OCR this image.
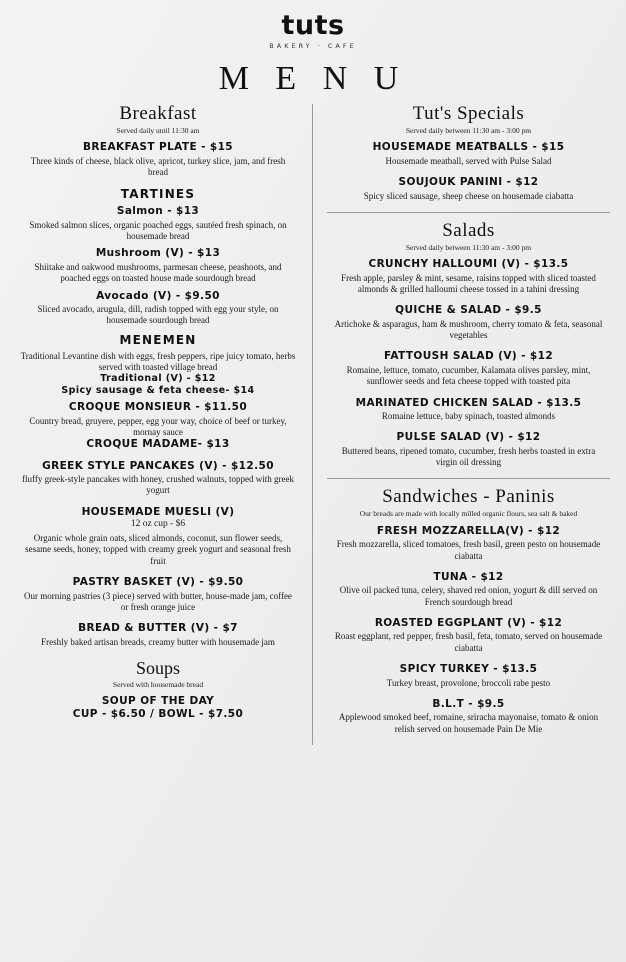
tuts
BAKERY · CAFE
M E N U
Breakfast
Served daily until 11:30 am
BREAKFAST PLATE - $15
Three kinds of cheese, black olive, apricot, turkey slice, jam, and fresh bread
TARTINES
Salmon - $13
Smoked salmon slices, organic poached eggs, sautéed fresh spinach, on housemade bread
Mushroom (V) - $13
Shiitake and oakwood mushrooms, parmesan cheese, peashoots, and poached eggs on toasted house made sourdough bread
Avocado (V) - $9.50
Sliced avocado, arugula, dill, radish topped with egg your style, on housemade sourdough bread
MENEMEN
Traditional Levantine dish with eggs, fresh peppers, ripe juicy tomato, herbs served with toasted village bread
Traditional (V) - $12
Spicy sausage & feta cheese- $14
CROQUE MONSIEUR - $11.50
Country bread, gruyere, pepper, egg your way, choice of beef or turkey, mornay sauce
CROQUE MADAME- $13
GREEK STYLE PANCAKES (V) - $12.50
fluffy greek-style pancakes with honey, crushed walnuts, topped with greek yogurt
HOUSEMADE MUESLI (V)
12 oz cup - $6
Organic whole grain oats, sliced almonds, coconut, sun flower seeds, sesame seeds, honey, topped with creamy greek yogurt and seasonal fresh fruit
PASTRY BASKET (V) - $9.50
Our morning pastries (3 piece) served with butter, house-made jam, coffee or fresh orange juice
BREAD & BUTTER (V) - $7
Freshly baked artisan breads, creamy butter with housemade jam
Soups
Served with housemade bread
SOUP OF THE DAY
CUP - $6.50 / BOWL - $7.50
Tut's Specials
Served daily between 11:30 am - 3:00 pm
HOUSEMADE MEATBALLS - $15
Housemade meatball, served with Pulse Salad
SOUJOUK PANINI - $12
Spicy sliced sausage, sheep cheese on housemade ciabatta
Salads
Served daily between 11:30 am - 3:00 pm
CRUNCHY HALLOUMI (V) - $13.5
Fresh apple, parsley & mint, sesame, raisins topped with sliced toasted almonds & grilled halloumi cheese tossed in a tahini dressing
QUICHE & SALAD - $9.5
Artichoke & asparagus, ham & mushroom, cherry tomato & feta, seasonal vegetables
FATTOUSH SALAD (V) - $12
Romaine, lettuce, tomato, cucumber, Kalamata olives parsley, mint, sunflower seeds and feta cheese topped with toasted pita
MARINATED CHICKEN SALAD - $13.5
Romaine lettuce, baby spinach, toasted almonds
PULSE SALAD (V) - $12
Buttered beans, ripened tomato, cucumber, fresh herbs toasted in extra virgin oil dressing
Sandwiches - Paninis
Our breads are made with locally milled organic flours, sea salt & baked
FRESH MOZZARELLA(V) - $12
Fresh mozzarella, sliced tomatoes, fresh basil, green pesto on housemade ciabatta
TUNA - $12
Olive oil packed tuna, celery, shaved red onion, yogurt & dill served on French sourdough bread
ROASTED EGGPLANT (V) - $12
Roast eggplant, red pepper, fresh basil, feta, tomato, served on housemade ciabatta
SPICY TURKEY - $13.5
Turkey breast, provolone, broccoli rabe pesto
B.L.T - $9.5
Applewood smoked beef, romaine, sriracha mayonaise, tomato & onion relish served on housemade Pain De Mie
